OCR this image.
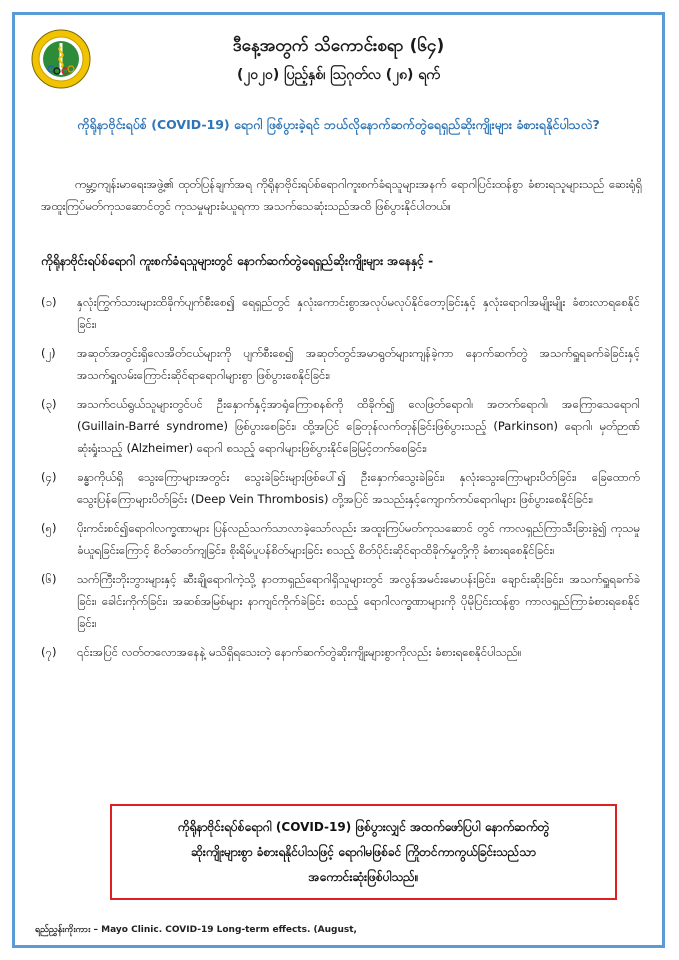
ဒီနေ့အတွက် သိကောင်းစရာ (၆၄)
(၂၀၂၀) ပြည့်နှစ်၊ ဩဂုတ်လ (၂၈) ရက်
ကိုရိုနာဗိုင်းရပ်စ် (COVID-19) ရောဂါ ဖြစ်ပွားခဲ့ရင် ဘယ်လိုနောက်ဆက်တွဲရေရှည်ဆိုးကျိုးများ ခံစားရနိုင်ပါသလဲ?
ကမ္ဘာ့ကျန်းမာရေးအဖွဲ့၏ ထုတ်ပြန်ချက်အရ ကိုရိုနာဗိုင်းရပ်စ်ရောဂါကူးစက်ခံရသူများအနက် ရောဂါပြင်းထန်စွာ ခံစားရသူများသည် ဆေးရုံရှိ အထူးကြပ်မတ်ကုသဆောင်တွင် ကုသမှုများခံယူရကာ အသက်သေဆုံးသည်အထိ ဖြစ်ပွားနိုင်ပါတယ်။
ကိုရိုနာဗိုင်းရပ်စ်ရောဂါ ကူးစက်ခံရသူများတွင် နောက်ဆက်တွဲရေရှည်ဆိုးကျိုးများ အနေနှင့် -
(၁)	နှလုံးကြွက်သားများထိခိုက်ပျက်စီးစေ၍ ရေရှည်တွင် နှလုံးကောင်းစွာအလုပ်မလုပ်နိုင်တော့ခြင်းနှင့် နှလုံးရောဂါအမျိုးမျိုး ခံစားလာရစေနိုင်ခြင်း၊
(၂)	အဆုတ်အတွင်းရှိလေအိတ်ငယ်များကို ပျက်စီးစေ၍ အဆုတ်တွင်အမာရွတ်များကျန်ခဲ့ကာ နောက်ဆက်တွဲ အသက်ရှူရခက်ခဲခြင်းနှင့် အသက်ရှူလမ်းကြောင်းဆိုင်ရာရောဂါများစွာ ဖြစ်ပွားစေနိုင်ခြင်း၊
(၃)	အသက်ငယ်ရွယ်သူများတွင်ပင် ဦးနှောက်နှင့်အာရုံကြောစနစ်ကို ထိခိုက်၍ လေဖြတ်ရောဂါ၊ အတက်ရောဂါ၊ အကြောသေရောဂါ (Guillain-Barré syndrome) ဖြစ်ပွားစေခြင်း၊ ထို့အပြင် ခြေတုန်လက်တုန်ခြင်းဖြစ်ပွားသည့် (Parkinson) ရောဂါ၊ မှတ်ဉာဏ်ဆုံးရှုံးသည့် (Alzheimer) ရောဂါ စသည့် ရောဂါများဖြစ်ပွားနိုင်ခြေမြင့်တက်စေခြင်း၊
(၄)	ခန္ဓာကိုယ်ရှိ သွေးကြောများအတွင်း သွေးခဲခြင်းများဖြစ်ပေါ်၍ ဦးနှောက်သွေးခဲခြင်း၊ နှလုံးသွေးကြောများပိတ်ခြင်း၊ ခြေထောက်သွေးပြန်ကြောများပိတ်ခြင်း (Deep Vein Thrombosis) တို့အပြင် အသည်းနှင့်ကျောက်ကပ်ရောဂါများ ဖြစ်ပွားစေနိုင်ခြင်း၊
(၅)	ပိုးကင်းစင်၍ရောဂါလက္ခဏာများ ပြန်လည်သက်သာလာခဲ့သော်လည်း အထူးကြပ်မတ်ကုသဆောင် တွင် ကာလရှည်ကြာသီးခြားခွဲ၍ ကုသမှုခံယူရခြင်းကြောင့် စိတ်ဓာတ်ကျခြင်း၊ စိုးရိမ်ပူပန်စိတ်များခြင်း စသည့် စိတ်ပိုင်းဆိုင်ရာထိခိုက်မှုတို့ကို ခံစားရစေနိုင်ခြင်း၊
(၆)	သက်ကြီးဘိုးဘွားများနှင့် ဆီးချိုရောဂါကဲ့သို့ နာတာရှည်ရောဂါရှိသူများတွင် အလွန်အမင်းမောပန်းခြင်း၊ ချောင်းဆိုးခြင်း၊ အသက်ရှူရခက်ခဲခြင်း၊ ခေါင်းကိုက်ခြင်း၊ အဆစ်အမြစ်များ နာကျင်ကိုက်ခဲခြင်း စသည့် ရောဂါလက္ခဏာများကို ပိုမိုပြင်းထန်စွာ ကာလရှည်ကြာခံစားရစေနိုင်ခြင်း၊
(၇)	၎င်းအပြင် လတ်တလောအနေနဲ့ မသိရှိရသေးတဲ့ နောက်ဆက်တွဲဆိုးကျိုးများစွာကိုလည်း ခံစားရစေနိုင်ပါသည်။
ကိုရိုနာဗိုင်းရပ်စ်ရောဂါ (COVID-19) ဖြစ်ပွားလျှင် အထက်ဖော်ပြပါ နောက်ဆက်တွဲ
ဆိုးကျိုးများစွာ ခံစားရနိုင်ပါသဖြင့် ရောဂါမဖြစ်ခင် ကြိုတင်ကာကွယ်ခြင်းသည်သာ
အကောင်းဆုံးဖြစ်ပါသည်။
ရည်ညွှန်းကိုးကား – Mayo Clinic. COVID-19 Long-term effects. (August,
